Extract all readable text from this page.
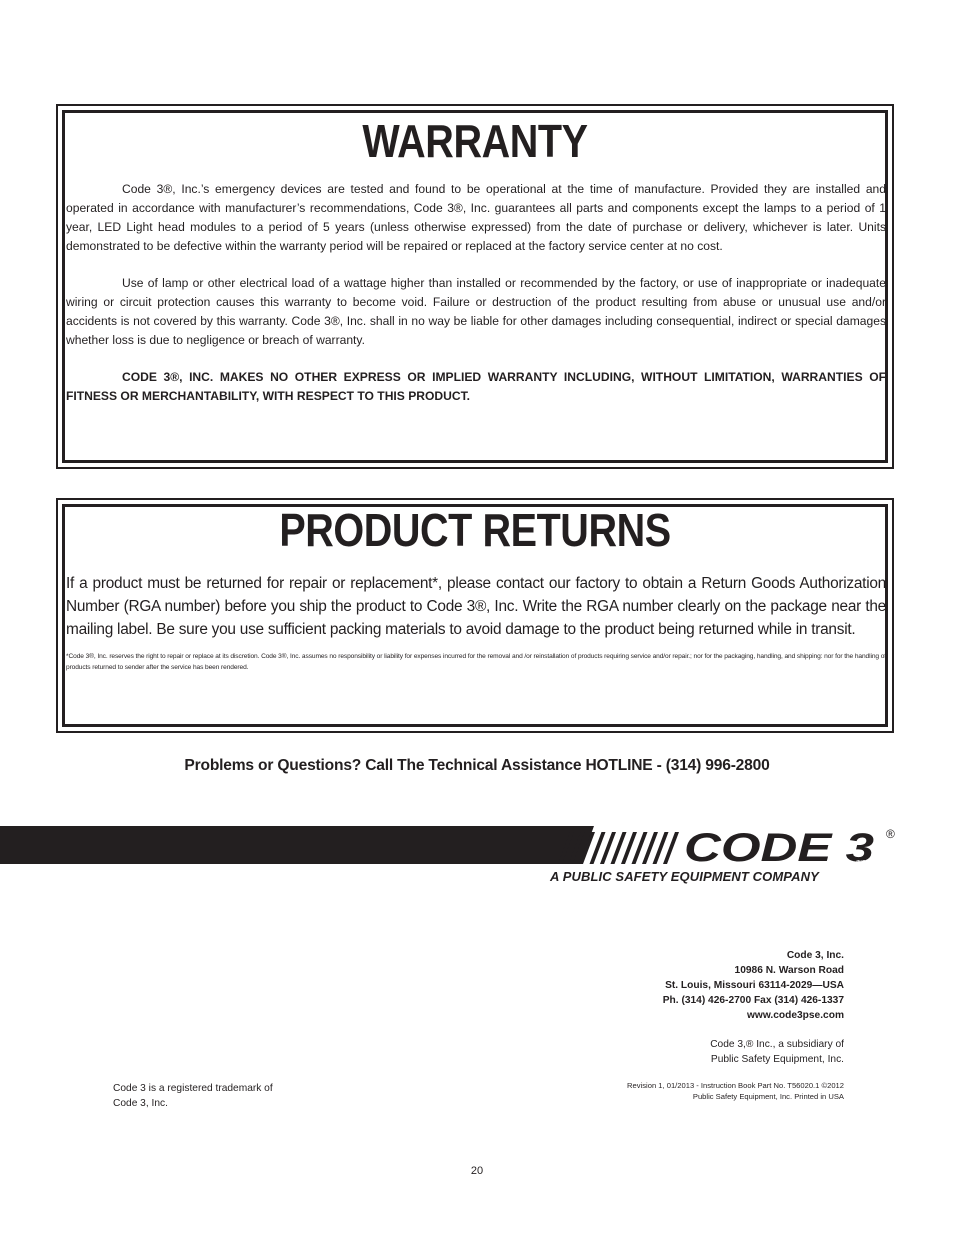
WARRANTY

Code 3®, Inc.’s emergency devices are tested and found to be operational at the time of manufacture. Provided they are installed and operated in accordance with manufacturer’s recommendations, Code 3®, Inc. guarantees all parts and components except the lamps to a period of 1 year, LED Light head modules to a period of 5 years (unless otherwise expressed) from the date of purchase or delivery, whichever is later. Units demonstrated to be defective within the warranty period will be repaired or replaced at the factory service center at no cost.

Use of lamp or other electrical load of a wattage higher than installed or recommended by the factory, or use of inappropriate or inadequate wiring or circuit protection causes this warranty to become void. Failure or destruction of the product resulting from abuse or unusual use and/or accidents is not covered by this warranty. Code 3®, Inc. shall in no way be liable for other damages including consequential, indirect or special damages whether loss is due to negligence or breach of warranty.

CODE 3®, INC. MAKES NO OTHER EXPRESS OR IMPLIED WARRANTY INCLUDING, WITHOUT LIMITATION, WARRANTIES OF FITNESS OR MERCHANTABILITY, WITH RESPECT TO THIS PRODUCT.

PRODUCT RETURNS

If a product must be returned for repair or replacement*, please contact our factory to obtain a Return Goods Authorization Number (RGA number) before you ship the product to Code 3®, Inc. Write the RGA number clearly on the package near the mailing label. Be sure you use sufficient packing materials to avoid damage to the product being returned while in transit.

*Code 3®, Inc. reserves the right to repair or replace at its discretion. Code 3®, Inc. assumes no responsibility or liability for expenses incurred for the removal and /or reinstallation of products requiring service and/or repair.; nor for the packaging, handling, and shipping: nor for the handling of products returned to sender after the service has been rendered.

Problems or Questions? Call The Technical Assistance HOTLINE - (314) 996-2800
CODE 3
INC.
®
A PUBLIC SAFETY EQUIPMENT COMPANY
Code 3, Inc.
10986 N. Warson Road
St. Louis, Missouri 63114-2029—USA
Ph. (314) 426-2700 Fax (314) 426-1337
www.code3pse.com
Code 3,® Inc., a subsidiary of
Public Safety Equipment, Inc.
Revision 1, 01/2013 - Instruction Book Part No. T56020.1 ©2012
Public Safety Equipment, Inc. Printed in USA
Code 3 is a registered trademark of
Code 3, Inc.
20
